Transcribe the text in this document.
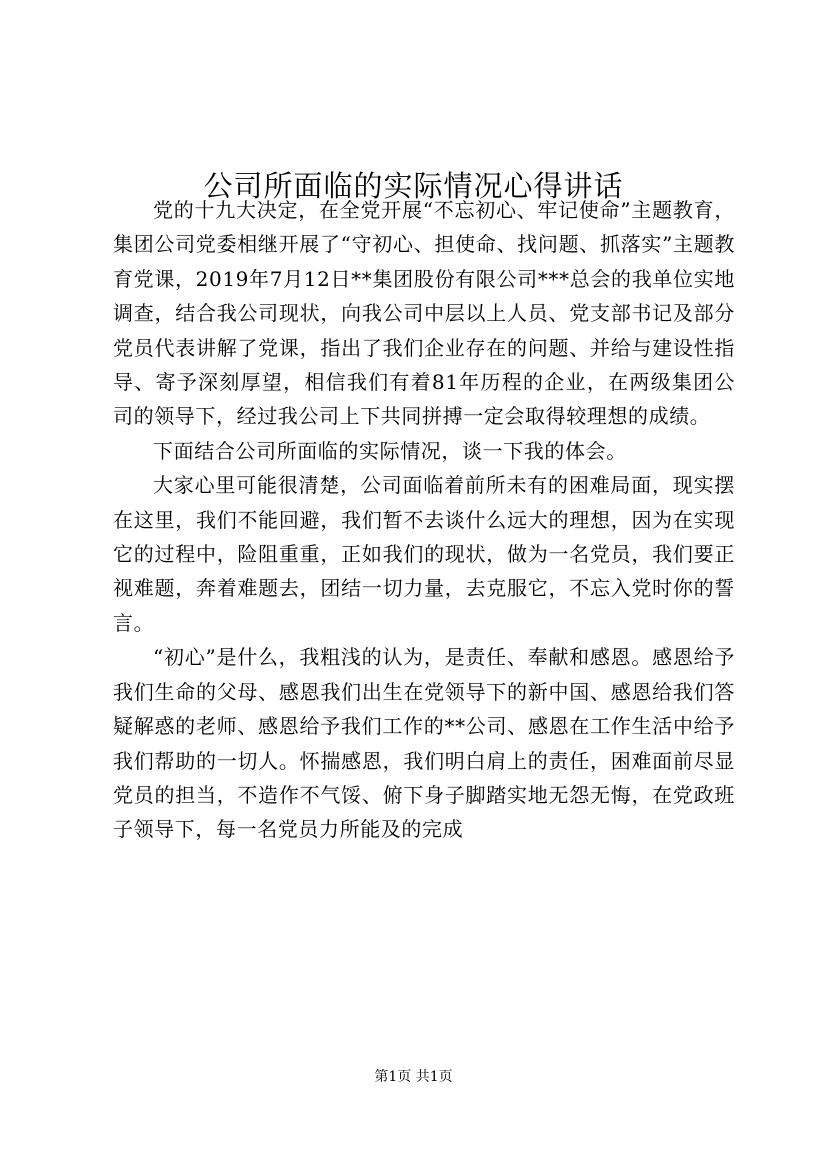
公司所面临的实际情况心得讲话

党的十九大决定，在全党开展“不忘初心、牢记使命”主题教育，集团公司党委相继开展了“守初心、担使命、找问题、抓落实”主题教育党课，2019年7月12日**集团股份有限公司***总会的我单位实地调查，结合我公司现状，向我公司中层以上人员、党支部书记及部分党员代表讲解了党课，指出了我们企业存在的问题、并给与建设性指导、寄予深刻厚望，相信我们有着81年历程的企业，在两级集团公司的领导下，经过我公司上下共同拼搏一定会取得较理想的成绩。

下面结合公司所面临的实际情况，谈一下我的体会。

大家心里可能很清楚，公司面临着前所未有的困难局面，现实摆在这里，我们不能回避，我们暂不去谈什么远大的理想，因为在实现它的过程中，险阻重重，正如我们的现状，做为一名党员，我们要正视难题，奔着难题去，团结一切力量，去克服它，不忘入党时你的誓言。

“初心”是什么，我粗浅的认为，是责任、奉献和感恩。感恩给予我们生命的父母、感恩我们出生在党领导下的新中国、感恩给我们答疑解惑的老师、感恩给予我们工作的**公司、感恩在工作生活中给予我们帮助的一切人。怀揣感恩，我们明白肩上的责任，困难面前尽显党员的担当，不造作不气馁、俯下身子脚踏实地无怨无悔，在党政班子领导下，每一名党员力所能及的完成

第1页 共1页
